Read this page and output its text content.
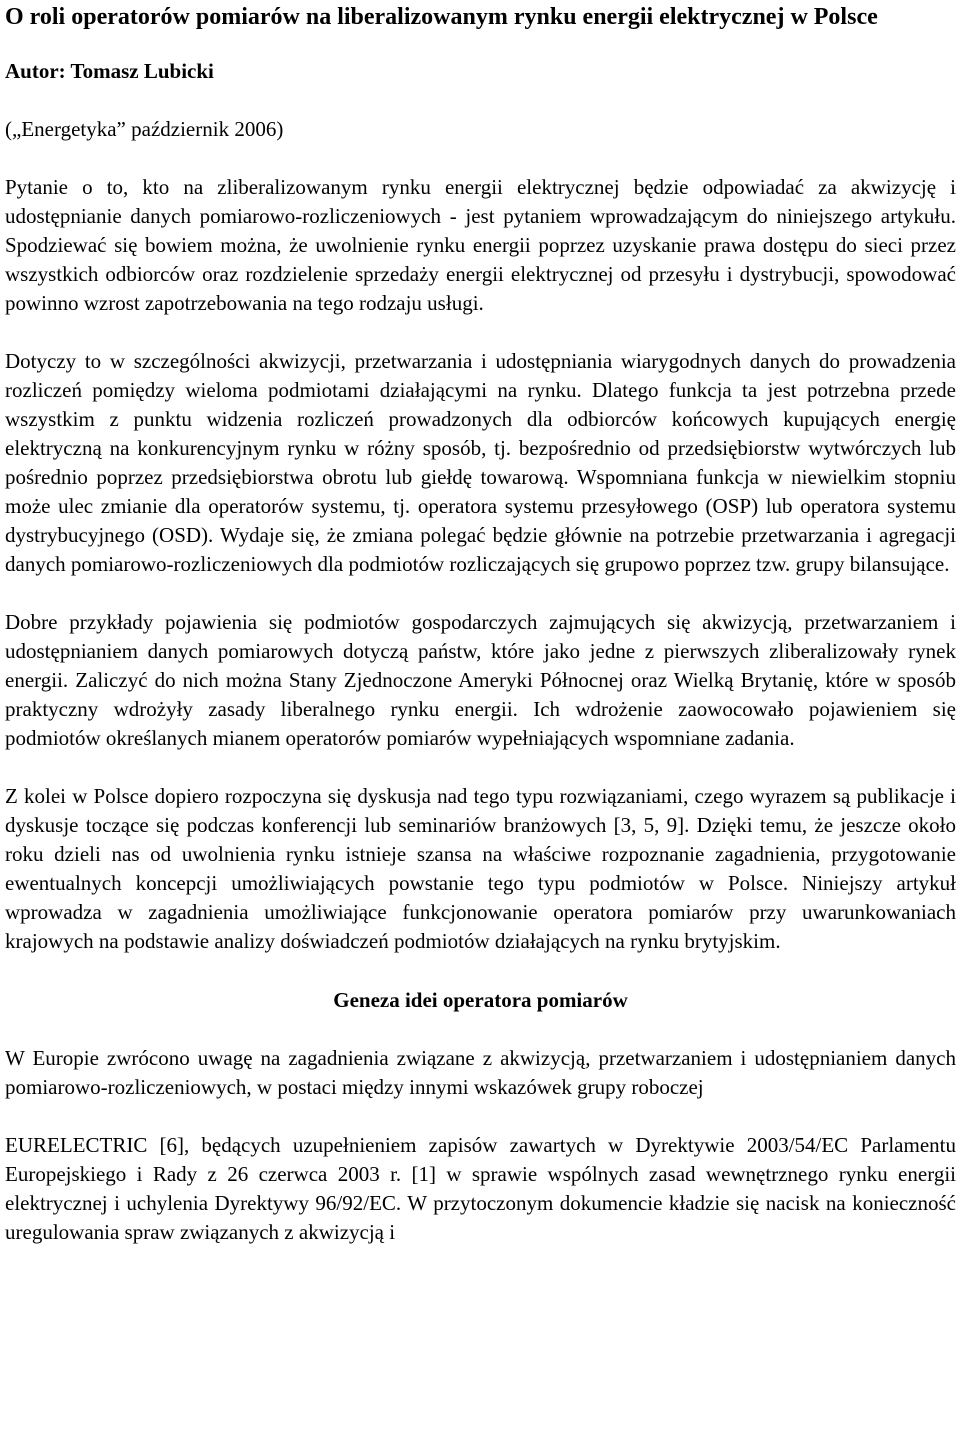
O roli operatorów pomiarów na liberalizowanym rynku energii elektrycznej w Polsce
Autor: Tomasz Lubicki
(„Energetyka” październik 2006)

Pytanie o to, kto na zliberalizowanym rynku energii elektrycznej będzie odpowiadać za akwizycję i udostępnianie danych pomiarowo-rozliczeniowych - jest pytaniem wprowadzającym do niniejszego artykułu. Spodziewać się bowiem można, że uwolnienie rynku energii poprzez uzyskanie prawa dostępu do sieci przez wszystkich odbiorców oraz rozdzielenie sprzedaży energii elektrycznej od przesyłu i dystrybucji, spowodować powinno wzrost zapotrzebowania na tego rodzaju usługi.

Dotyczy to w szczególności akwizycji, przetwarzania i udostępniania wiarygodnych danych do prowadzenia rozliczeń pomiędzy wieloma podmiotami działającymi na rynku. Dlatego funkcja ta jest potrzebna przede wszystkim z punktu widzenia rozliczeń prowadzonych dla odbiorców końcowych kupujących energię elektryczną na konkurencyjnym rynku w różny sposób, tj. bezpośrednio od przedsiębiorstw wytwórczych lub pośrednio poprzez przedsiębiorstwa obrotu lub giełdę towarową. Wspomniana funkcja w niewielkim stopniu może ulec zmianie dla operatorów systemu, tj. operatora systemu przesyłowego (OSP) lub operatora systemu dystrybucyjnego (OSD). Wydaje się, że zmiana polegać będzie głównie na potrzebie przetwarzania i agregacji danych pomiarowo-rozliczeniowych dla podmiotów rozliczających się grupowo poprzez tzw. grupy bilansujące.

Dobre przykłady pojawienia się podmiotów gospodarczych zajmujących się akwizycją, przetwarzaniem i udostępnianiem danych pomiarowych dotyczą państw, które jako jedne z pierwszych zliberalizowały rynek energii. Zaliczyć do nich można Stany Zjednoczone Ameryki Północnej oraz Wielką Brytanię, które w sposób praktyczny wdrożyły zasady liberalnego rynku energii. Ich wdrożenie zaowocowało pojawieniem się podmiotów określanych mianem operatorów pomiarów wypełniających wspomniane zadania.

Z kolei w Polsce dopiero rozpoczyna się dyskusja nad tego typu rozwiązaniami, czego wyrazem są publikacje i dyskusje toczące się podczas konferencji lub seminariów branżowych [3, 5, 9]. Dzięki temu, że jeszcze około roku dzieli nas od uwolnienia rynku istnieje szansa na właściwe rozpoznanie zagadnienia, przygotowanie ewentualnych koncepcji umożliwiających powstanie tego typu podmiotów w Polsce. Niniejszy artykuł wprowadza w zagadnienia umożliwiające funkcjonowanie operatora pomiarów przy uwarunkowaniach krajowych na podstawie analizy doświadczeń podmiotów działających na rynku brytyjskim.

Geneza idei operatora pomiarów

W Europie zwrócono uwagę na zagadnienia związane z akwizycją, przetwarzaniem i udostępnianiem danych pomiarowo-rozliczeniowych, w postaci między innymi wskazówek grupy roboczej

EURELECTRIC [6], będących uzupełnieniem zapisów zawartych w Dyrektywie 2003/54/EC Parlamentu Europejskiego i Rady z 26 czerwca 2003 r. [1] w sprawie wspólnych zasad wewnętrznego rynku energii elektrycznej i uchylenia Dyrektywy 96/92/EC. W przytoczonym dokumencie kładzie się nacisk na konieczność uregulowania spraw związanych z akwizycją i
